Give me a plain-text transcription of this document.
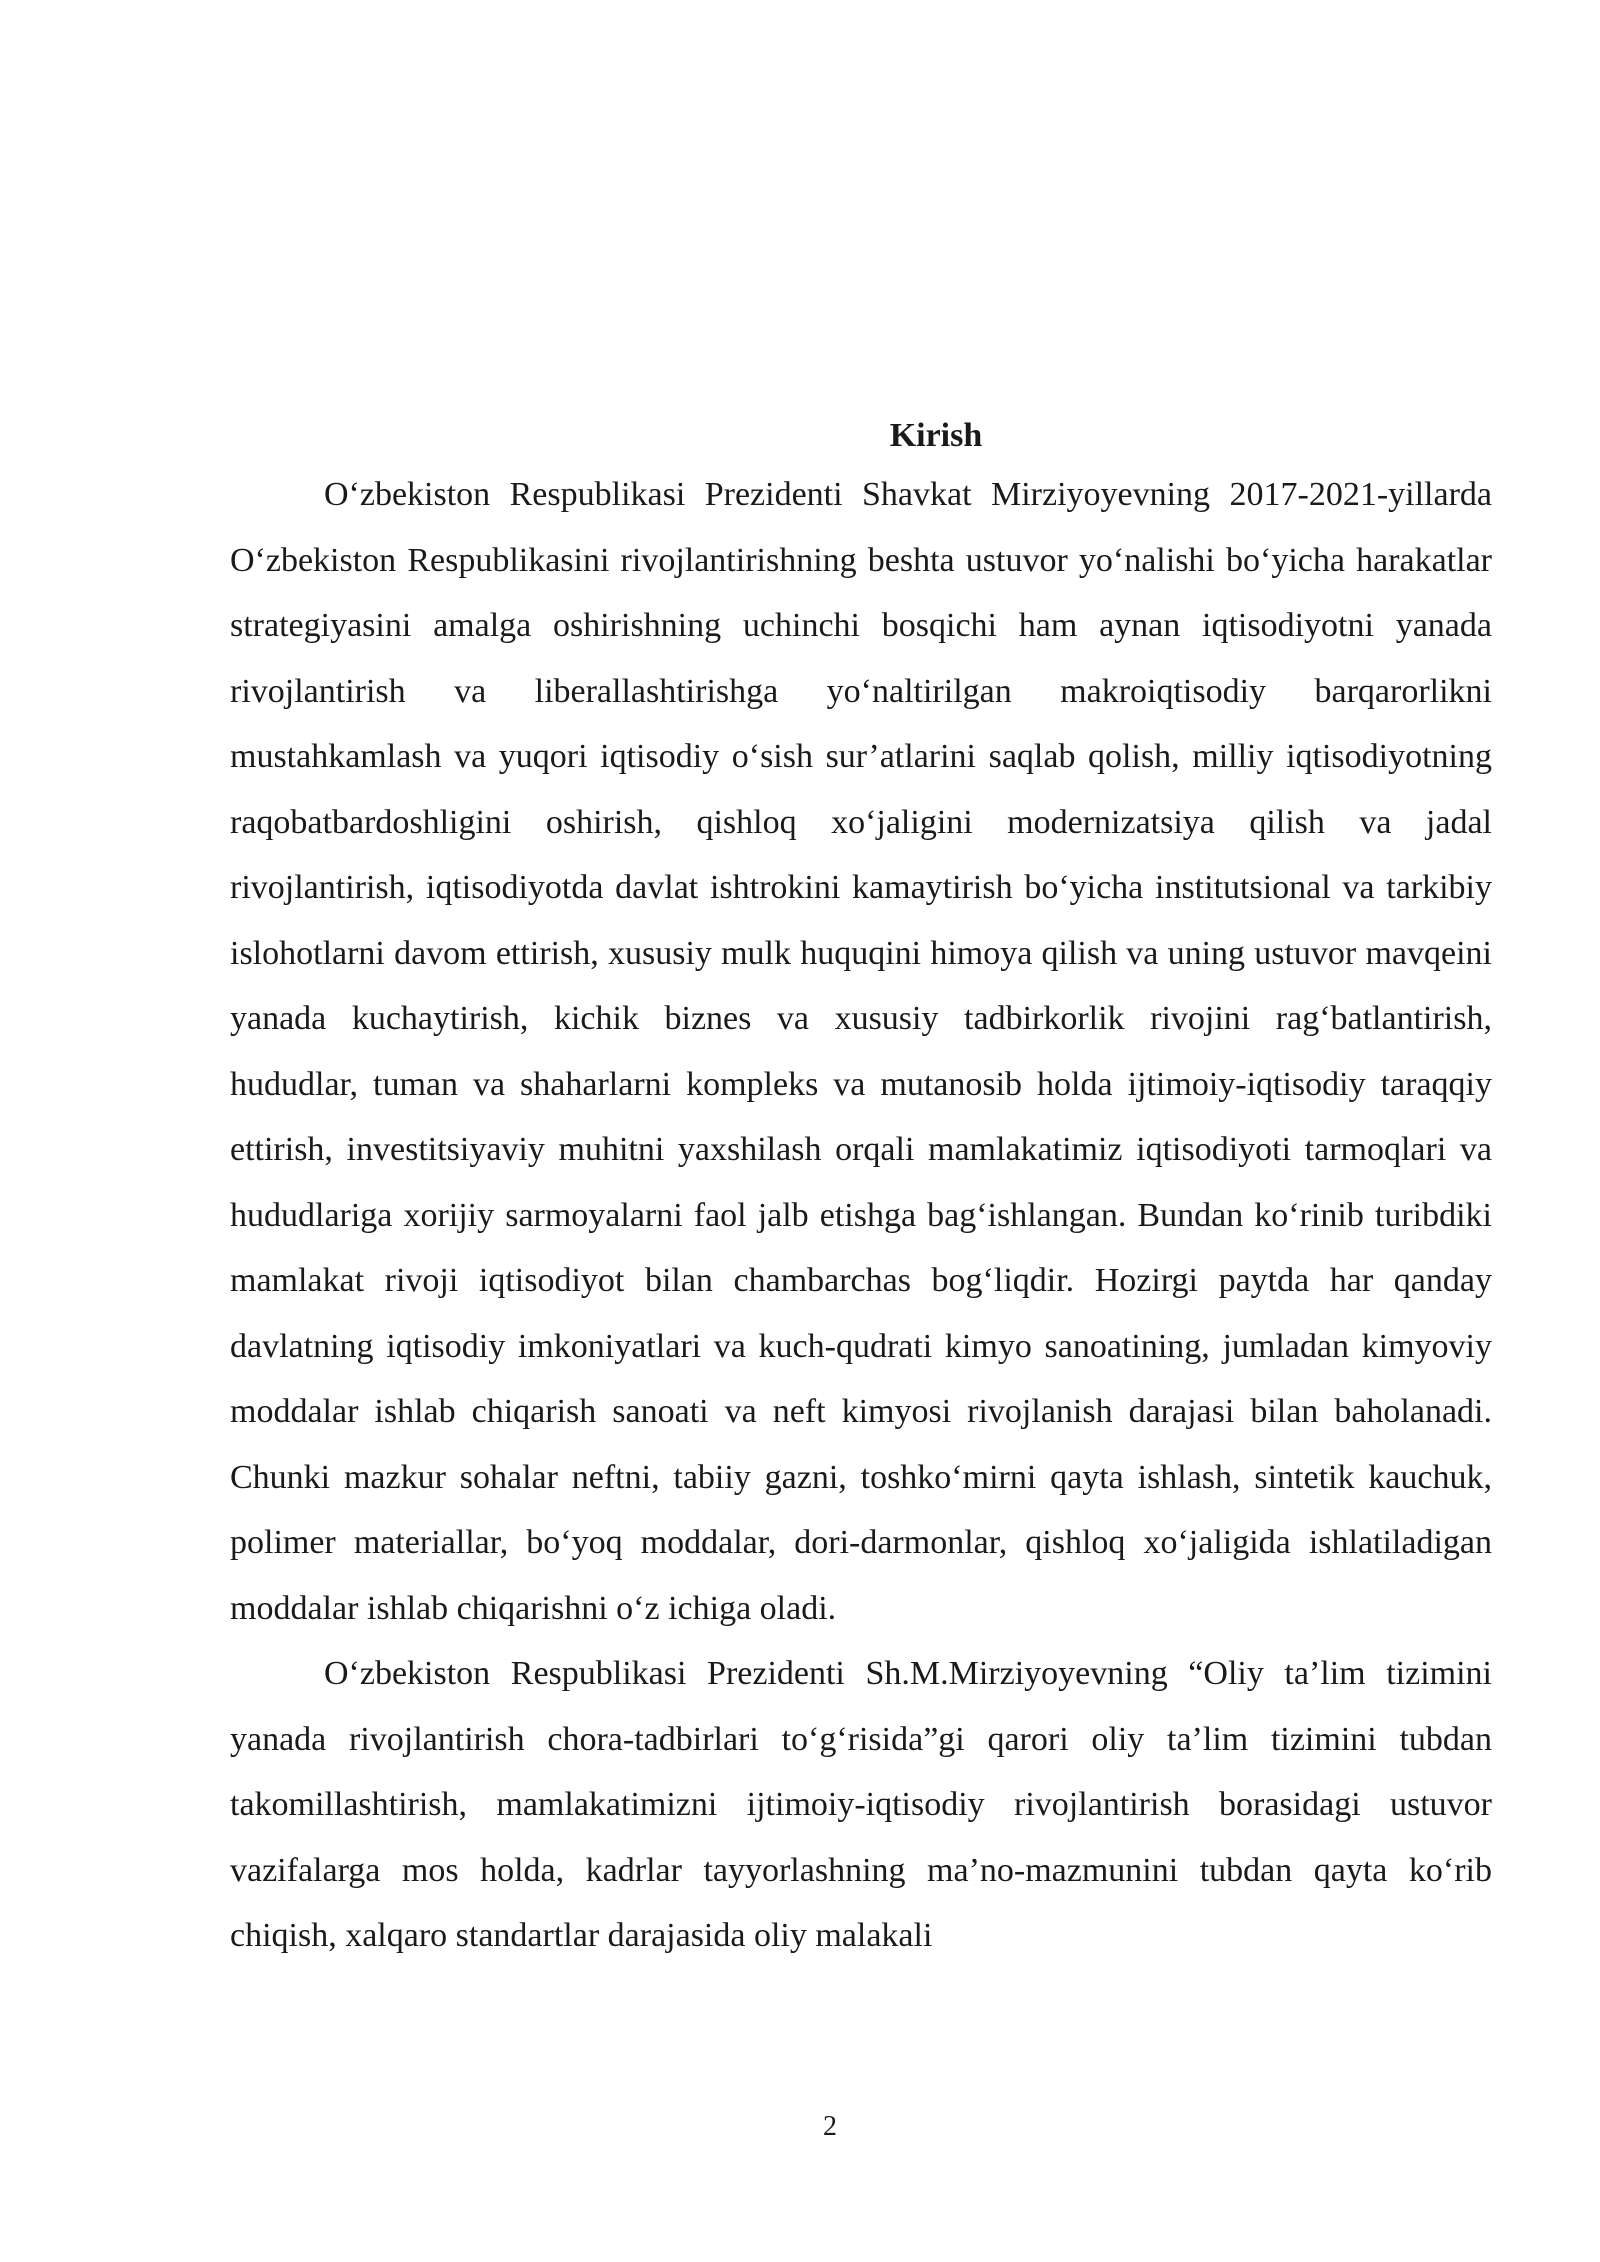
Kirish

O‘zbekiston Respublikasi Prezidenti Shavkat Mirziyoyevning 2017-2021-yillarda O‘zbekiston Respublikasini rivojlantirishning beshta ustuvor yo‘nalishi bo‘yicha harakatlar strategiyasini amalga oshirishning uchinchi bosqichi ham aynan iqtisodiyotni yanada rivojlantirish va liberallashtirishga yo‘naltirilgan makroiqtisodiy barqarorlikni mustahkamlash va yuqori iqtisodiy o‘sish sur’atlarini saqlab qolish, milliy iqtisodiyotning raqobatbardoshligini oshirish, qishloq xo‘jaligini modernizatsiya qilish va jadal rivojlantirish, iqtisodiyotda davlat ishtrokini kamaytirish bo‘yicha institutsional va tarkibiy islohotlarni davom ettirish, xususiy mulk huquqini himoya qilish va uning ustuvor mavqeini yanada kuchaytirish, kichik biznes va xususiy tadbirkorlik rivojini rag‘batlantirish, hududlar, tuman va shaharlarni kompleks va mutanosib holda ijtimoiy-iqtisodiy taraqqiy ettirish, investitsiyaviy muhitni yaxshilash orqali mamlakatimiz iqtisodiyoti tarmoqlari va hududlariga xorijiy sarmoyalarni faol jalb etishga bag‘ishlangan. Bundan ko‘rinib turibdiki mamlakat rivoji iqtisodiyot bilan chambarchas bog‘liqdir. Hozirgi paytda har qanday davlatning iqtisodiy imkoniyatlari va kuch-qudrati kimyo sanoatining, jumladan kimyoviy moddalar ishlab chiqarish sanoati va neft kimyosi rivojlanish darajasi bilan baholanadi. Chunki mazkur sohalar neftni, tabiiy gazni, toshko‘mirni qayta ishlash, sintetik kauchuk, polimer materiallar, bo‘yoq moddalar, dori-darmonlar, qishloq xo‘jaligida ishlatiladigan moddalar ishlab chiqarishni o‘z ichiga oladi.

O‘zbekiston Respublikasi Prezidenti Sh.M.Mirziyoyevning “Oliy ta’lim tizimini yanada rivojlantirish chora-tadbirlari to‘g‘risida”gi qarori oliy ta’lim tizimini tubdan takomillashtirish, mamlakatimizni ijtimoiy-iqtisodiy rivojlantirish borasidagi ustuvor vazifalarga mos holda, kadrlar tayyorlashning ma’no-mazmunini tubdan qayta ko‘rib chiqish, xalqaro standartlar darajasida oliy malakali

2
